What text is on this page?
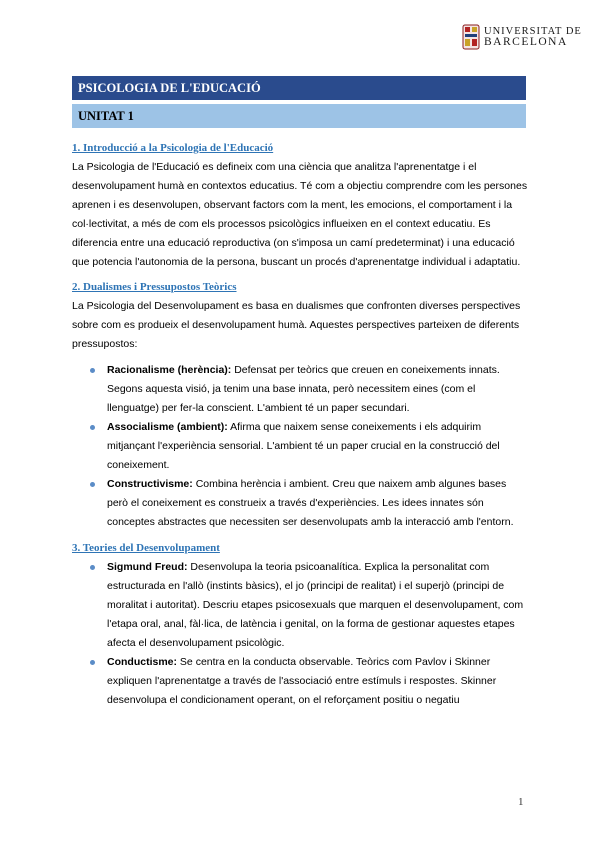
UNIVERSITAT DE
BARCELONA
PSICOLOGIA DE L'EDUCACIÓ
UNITAT 1
1. Introducció a la Psicologia de l'Educació

La Psicologia de l'Educació es defineix com una ciència que analitza l'aprenentatge i el desenvolupament humà en contextos educatius. Té com a objectiu comprendre com les persones aprenen i es desenvolupen, observant factors com la ment, les emocions, el comportament i la col·lectivitat, a més de com els processos psicològics influeixen en el context educatiu. Es diferencia entre una educació reproductiva (on s'imposa un camí predeterminat) i una educació que potencia l'autonomia de la persona, buscant un procés d'aprenentatge individual i adaptatiu.

2. Dualismes i Pressupostos Teòrics

La Psicologia del Desenvolupament es basa en dualismes que confronten diverses perspectives sobre com es produeix el desenvolupament humà. Aquestes perspectives parteixen de diferents pressupostos:

Racionalisme (herència): Defensat per teòrics que creuen en coneixements innats. Segons aquesta visió, ja tenim una base innata, però necessitem eines (com el llenguatge) per fer-la conscient. L'ambient té un paper secundari.
Associalisme (ambient): Afirma que naixem sense coneixements i els adquirim mitjançant l'experiència sensorial. L'ambient té un paper crucial en la construcció del coneixement.
Constructivisme: Combina herència i ambient. Creu que naixem amb algunes bases però el coneixement es construeix a través d'experiències. Les idees innates són conceptes abstractes que necessiten ser desenvolupats amb la interacció amb l'entorn.
3. Teories del Desenvolupament
Sigmund Freud: Desenvolupa la teoria psicoanalítica. Explica la personalitat com estructurada en l'allò (instints bàsics), el jo (principi de realitat) i el superjò (principi de moralitat i autoritat). Descriu etapes psicosexuals que marquen el desenvolupament, com l'etapa oral, anal, fàl·lica, de latència i genital, on la forma de gestionar aquestes etapes afecta el desenvolupament psicològic.
Conductisme: Se centra en la conducta observable. Teòrics com Pavlov i Skinner expliquen l'aprenentatge a través de l'associació entre estímuls i respostes. Skinner desenvolupa el condicionament operant, on el reforçament positiu o negatiu
1
